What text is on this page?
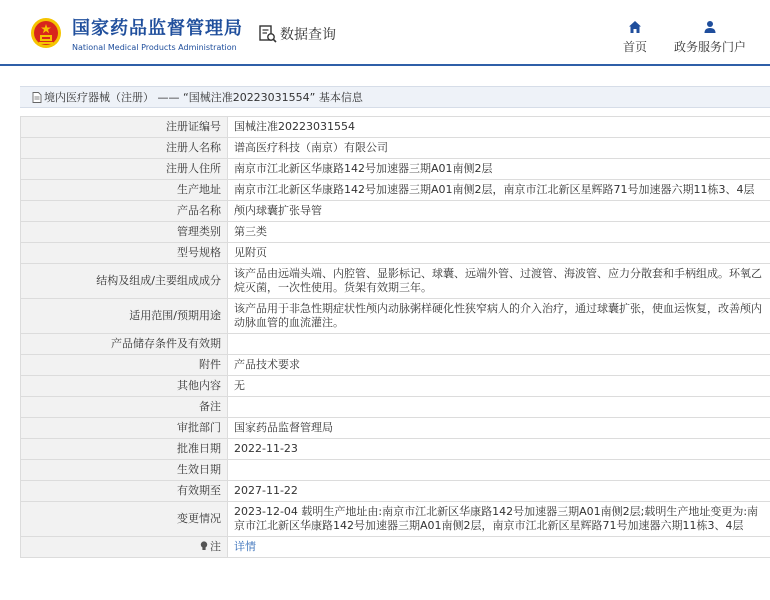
国家药品监督管理局
National Medical Products Administration
数据查询
首页 政务服务门户
境内医疗器械（注册） —— “国械注准20223031554” 基本信息
注册证编号	国械注准20223031554
注册人名称	谱高医疗科技（南京）有限公司
注册人住所	南京市江北新区华康路142号加速器三期A01南侧2层
生产地址	南京市江北新区华康路142号加速器三期A01南侧2层，南京市江北新区星辉路71号加速器六期11栋3、4层
产品名称	颅内球囊扩张导管
管理类别	第三类
型号规格	见附页
结构及组成/主要组成成分	该产品由远端头端、内腔管、显影标记、球囊、远端外管、过渡管、海波管、应力分散套和手柄组成。环氧乙烷灭菌，一次性使用。货架有效期三年。
适用范围/预期用途	该产品用于非急性期症状性颅内动脉粥样硬化性狭窄病人的介入治疗，通过球囊扩张，使血运恢复，改善颅内动脉血管的血流灌注。
产品储存条件及有效期	
附件	产品技术要求
其他内容	无
备注	
审批部门	国家药品监督管理局
批准日期	2022-11-23
生效日期	
有效期至	2027-11-22
变更情况	2023-12-04 载明生产地址由:南京市江北新区华康路142号加速器三期A01南侧2层;载明生产地址变更为:南京市江北新区华康路142号加速器三期A01南侧2层，南京市江北新区星辉路71号加速器六期11栋3、4层
注	详情
